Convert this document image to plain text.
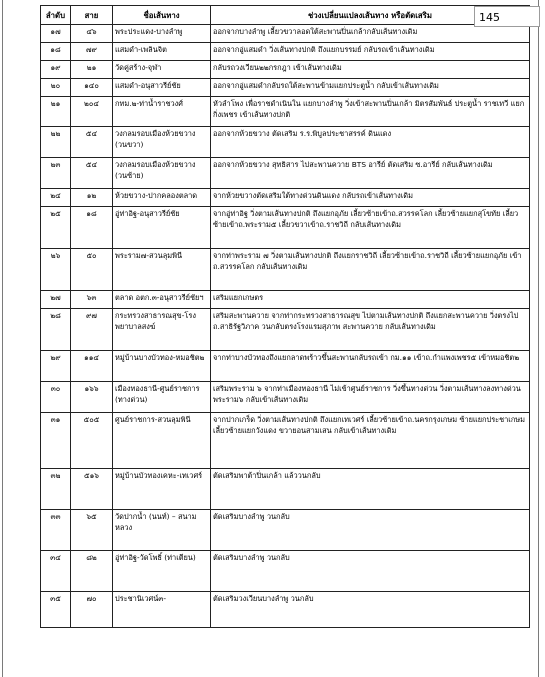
ลำดับ	สาย	ชื่อเส้นทาง	ช่วงเปลี่ยนแปลงเส้นทาง หรือตัดเสริม
๑๗	๔๖	พระประแดง-บางลำพู	ออกจากบางลำพู เลี้ยวขวาลอดใต้สะพานปิ่นเกล้ากลับเส้นทางเดิม
๑๘	๗๙	แสมดำ-เพลินจิต	ออกจากอู่แสมดำ วิ่งเส้นทางปกติ ถึงแยกบรรมย์ กลับรถเข้าเส้นทางเดิม
๑๙	๒๑	วัดคู่สร้าง-จุฬา	กลับรถวงเวียน๒๒กรกฎา เข้าเส้นทางเดิม
๒๐	๑๔๐	แสมดำ-อนุสาวรีย์ชัย	ออกจากอู่แสมดำกลับรถใต้สะพานข้ามแยกประตูน้ำ กลับเข้าเส้นทางเดิม
๒๑	๒๐๔	กทม.๒-ท่าน้ำราชวงศ์	หัวลำโพง เพื่อราชดำเนินใน แยกบางลำพู วิ่งเข้าสะพานปิ่นเกล้า มิตรสัมพันธ์ ประตูน้ำ ราชเทวี แยกกิ่งเพชร เข้าเส้นทางปกติ
๒๒	๕๔	วงกลมรอบเมืองห้วยขวาง (วนขวา)	ออกจากห้วยขวาง ตัดเสริม ร.ร.พิบูลประชาสรรค์ ดินแดง
๒๓	๕๔	วงกลมรอบเมืองห้วยขวาง (วนซ้าย)	ออกจากห้วยขวาง สุทธิสาร ไปสะพานควาย BTS อารีย์ ตัดเสริม ซ.อารีย์ กลับเส้นทางเดิม
๒๔	๑๒	ห้วยขวาง-ปากคลองตลาด	จากห้วยขวางตัดเสริมใต้ทางด่วนดินแดง กลับรถเข้าเส้นทางเดิม
๒๕	๑๘	อู่ท่าอิฐ-อนุสาวรีย์ชัย	จากอู่ท่าอิฐ วิ่งตามเส้นทางปกติ ถึงแยกอุภัย เลี้ยวซ้ายเข้าถ.สวรรคโลก เลี้ยวซ้ายแยกสุโขทัย เลี้ยวซ้ายเข้าถ.พระราม๕ เลี้ยวขวาเข้าถ.ราชวิถี กลับเส้นทางเดิม
๒๖	๕๐	พระราม๗-สวนลุมพินี	จากท่าพระราม ๗ วิ่งตามเส้นทางปกติ ถึงแยกราชวิถี เลี้ยวซ้ายเข้าถ.ราชวิถี เลี้ยวซ้ายแยกอุภัย เข้า ถ.สวรรคโลก กลับเส้นทางเดิม
๒๗	๖๓	ตลาด อตก.๓-อนุสาวรีย์ชัยฯ	เสริมแยกเกษตร
๒๘	๙๗	กระทรวงสาธารณสุข-โรงพยาบาลสงฆ์	เสริมสะพานควาย จากท่ากระทรวงสาธารณสุข ไปตามเส้นทางปกติ ถึงแยกสะพานควาย วิ่งตรงไป ถ.สาธิรัฐวิภาค วนกลับตรงโรงแรมสุภาพ สะพานควาย กลับเส้นทางเดิม
๒๙	๑๑๔	หมู่บ้านบางบัวทอง-หมอชิต๒	จากท่าบางบัวทองถึงแยกลาดพร้าวขึ้นสะพานกลับรถเข้า กม.๑๑ เข้าถ.กำแพงเพชร๕ เข้าหมอชิต๒
๓๐	๑๖๖	เมืองทองธานี-ศูนย์ราชการ (ทางด่วน)	เสริมพระราม ๖ จากท่าเมืองทองธานี ไม่เข้าศูนย์ราชการ วิ่งขึ้นทางด่วน วิ่งตามเส้นทางลงทางด่วนพระราม๖ กลับเข้าเส้นทางเดิม
๓๑	๕๐๕	ศูนย์ราชการ-สวนลุมพินี	จากปากเกร็ด วิ่งตามเส้นทางปกติ ถึงแยกเทเวศร์ เลี้ยวซ้ายเข้าถ.นครกรุงเกษม ซ้ายแยกประชาเกษม เลี้ยวซ้ายแยกวังแดง ขวายอนสามเสน กลับเข้าเส้นทางเดิม
๓๒	๕๑๖	หมู่บ้านบัวทองเคหะ-เทเวศร์	ตัดเสริมพาต้าปิ่นเกล้า แล้ววนกลับ
๓๓	๖๕	วัดปากน้ำ (นนท์) – สนามหลวง	ตัดเสริมบางลำพู วนกลับ
๓๔	๘๒	อู่ท่าอิฐ-วัดโพธิ์ (ท่าเตียน)	ตัดเสริมบางลำพู วนกลับ
๓๕	๗๐	ประชานิเวศน์๓-	ตัดเสริมวงเวียนบางลำพู วนกลับ
145
